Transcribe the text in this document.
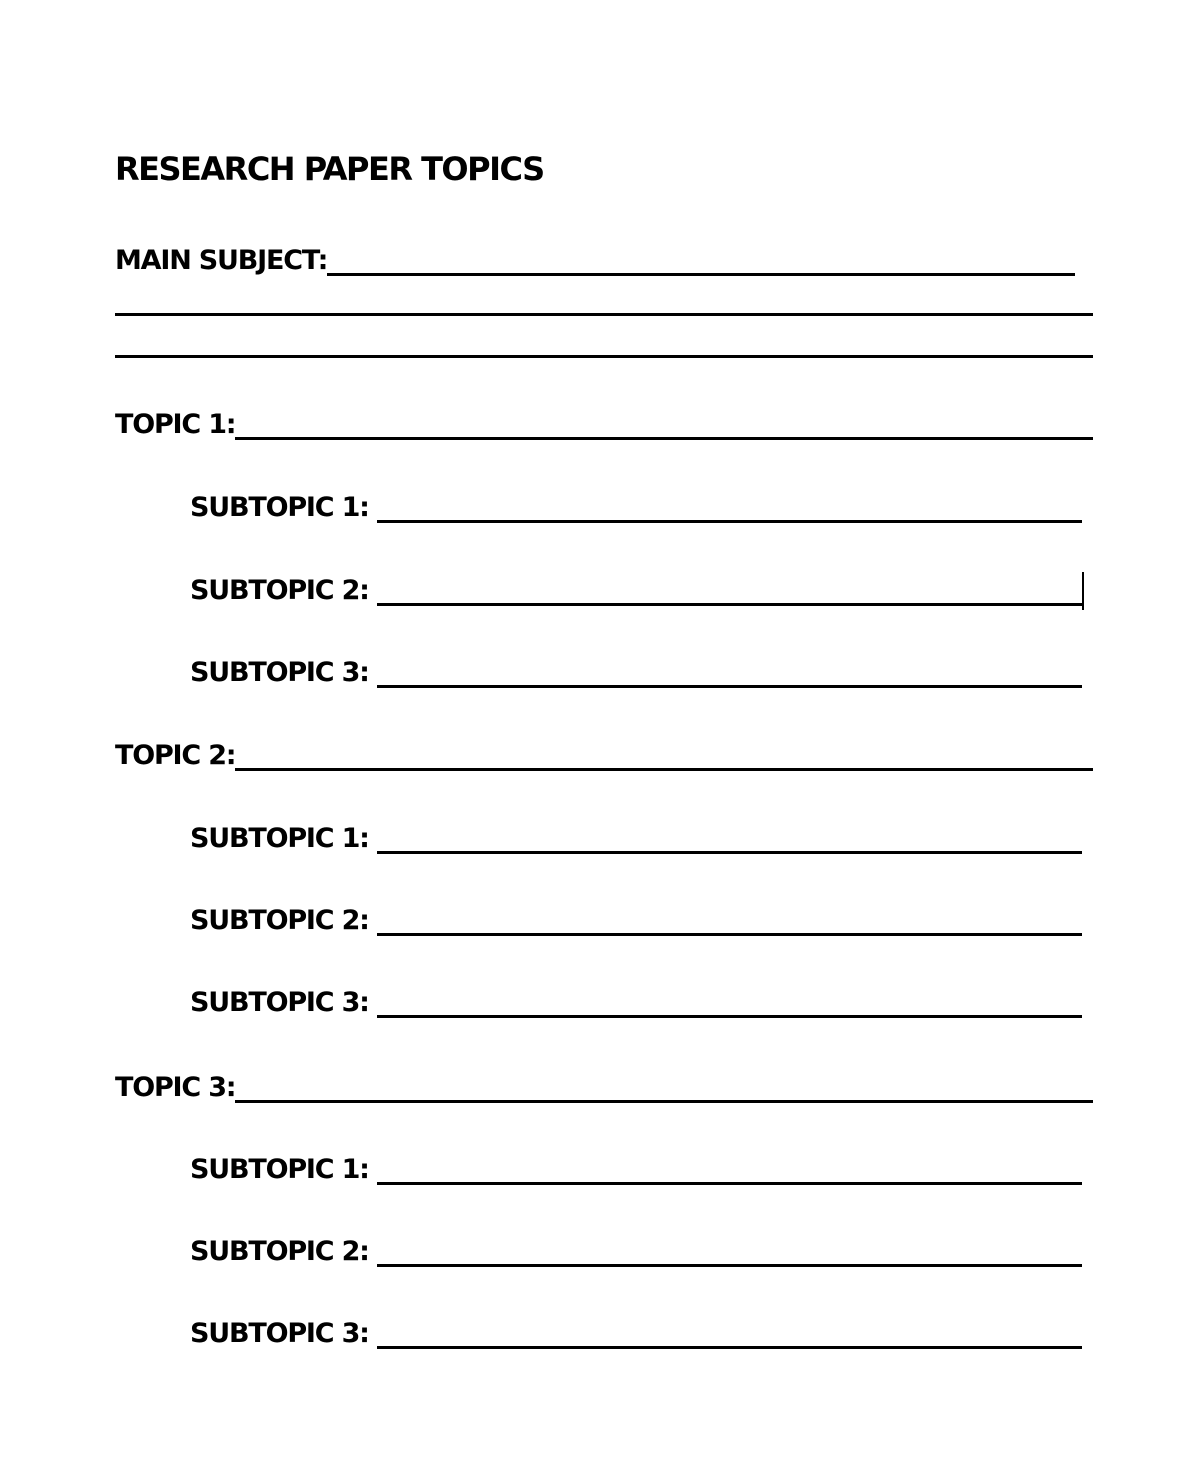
RESEARCH PAPER TOPICS
MAIN SUBJECT:
TOPIC 1:
SUBTOPIC 1:
SUBTOPIC 2:
SUBTOPIC 3:
TOPIC 2:
SUBTOPIC 1:
SUBTOPIC 2:
SUBTOPIC 3:
TOPIC 3:
SUBTOPIC 1:
SUBTOPIC 2:
SUBTOPIC 3:
